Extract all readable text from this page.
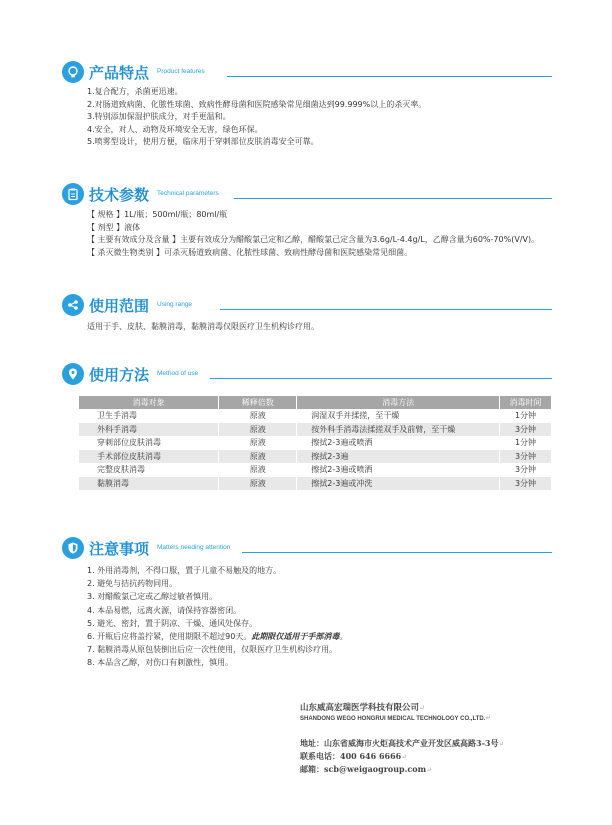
产品特点 Product features
1.复合配方，杀菌更迅速。
2.对肠道致病菌、化脓性球菌、致病性酵母菌和医院感染常见细菌达到99.999%以上的杀灭率。
3.特别添加保湿护肤成分，对手更温和。
4.安全，对人、动物及环境安全无害，绿色环保。
5.喷雾型设计，使用方便，临床用于穿刺部位皮肤消毒安全可靠。
技术参数 Technical parameters
【 规格 】1L/瓶；500ml/瓶；80ml/瓶
【 剂型 】液体
【 主要有效成分及含量 】主要有效成分为醋酸氯己定和乙醇，醋酸氯己定含量为3.6g/L-4.4g/L，乙醇含量为60%-70%(V/V)。
【 杀灭微生物类别 】可杀灭肠道致病菌、化脓性球菌、致病性酵母菌和医院感染常见细菌。
使用范围 Using range
适用于手、皮肤、黏膜消毒，黏膜消毒仅限医疗卫生机构诊疗用。
使用方法 Method of use
消毒对象	稀释倍数	消毒方法	消毒时间
卫生手消毒	原液	润湿双手并揉搓，至干燥	1分钟
外科手消毒	原液	按外科手消毒法揉搓双手及前臂，至干燥	3分钟
穿刺部位皮肤消毒	原液	擦拭2-3遍或喷洒	1分钟
手术部位皮肤消毒	原液	擦拭2-3遍	3分钟
完整皮肤消毒	原液	擦拭2-3遍或喷洒	3分钟
黏膜消毒	原液	擦拭2-3遍或冲洗	3分钟
注意事项 Matters needing attention
1. 外用消毒剂，不得口服，置于儿童不易触及的地方。
2. 避免与拮抗药物同用。
3. 对醋酸氯己定或乙醇过敏者慎用。
4. 本品易燃，远离火源，请保持容器密闭。
5. 避光、密封，置于阴凉、干燥、通风处保存。
6. 开瓶后应将盖拧紧，使用期限不超过90天。此期限仅适用于手部消毒。
7. 黏膜消毒从原包装倒出后应一次性使用，仅限医疗卫生机构诊疗用。
8. 本品含乙醇，对伤口有刺激性，慎用。
山东威高宏瑞医学科技有限公司↵
SHANDONG WEGO HONGRUI MEDICAL TECHNOLOGY CO.,LTD.↵
地址：山东省威海市火炬高技术产业开发区威高路3-3号↵
联系电话：400 646 6666↵
邮箱：scb@weigaogroup.com↵
